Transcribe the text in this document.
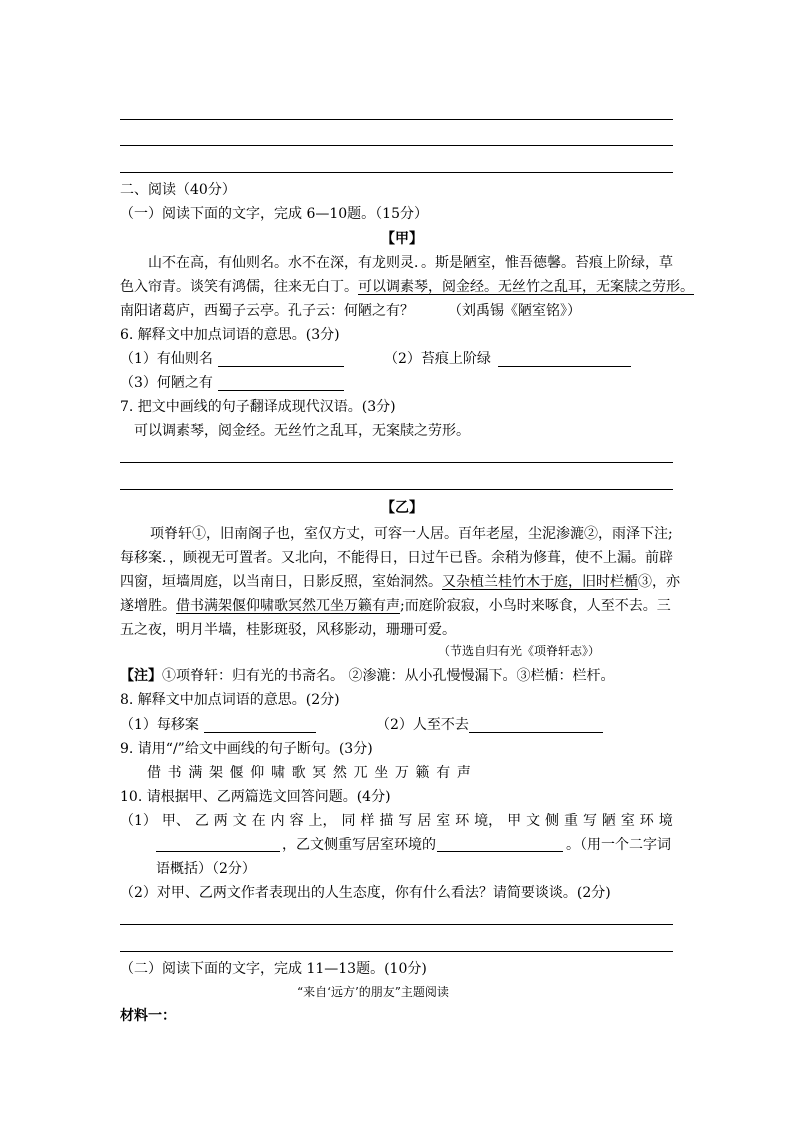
二、阅读（40分）
（一）阅读下面的文字，完成 6—10题。（15分）
【甲】
山不在高，有仙则名。水不在深，有龙则灵．。斯是陋室，惟吾德馨。苔痕上阶绿，草
色入帘青。谈笑有鸿儒，往来无白丁。可以调素琴，阅金经。无丝竹之乱耳，无案牍之劳形。
南阳诸葛庐，西蜀子云亭。孔子云：何陋之有？ （刘禹锡《陋室铭》）
6. 解释文中加点词语的意思。(3分)
（1）有仙则名	（2）苔痕上阶绿
（3）何陋之有
7. 把文中画线的句子翻译成现代汉语。(3分)
可以调素琴，阅金经。无丝竹之乱耳，无案牍之劳形。
【乙】
项脊轩①，旧南阁子也，室仅方丈，可容一人居。百年老屋，尘泥渗漉②，雨泽下注;
每移案．，顾视无可置者。又北向，不能得日，日过午已昏。余稍为修葺，使不上漏。前辟
四窗，垣墙周庭，以当南日，日影反照，室始洞然。又杂植兰桂竹木于庭，旧时栏楯③，亦
遂增胜。借书满架偃仰啸歌冥然兀坐万籁有声;而庭阶寂寂，小鸟时来啄食，人至不去。三
五之夜，明月半墙，桂影斑驳，风移影动，珊珊可爱。
（节选自归有光《项脊轩志》）
【注】①项脊轩：归有光的书斋名。 ②渗漉：从小孔慢慢漏下。③栏楯：栏杆。
8. 解释文中加点词语的意思。(2分)
（1）每移案	（2）人至不去
9. 请用“/”给文中画线的句子断句。(3分)
借 书 满 架 偃 仰 啸 歌 冥 然 兀 坐 万 籁 有 声
10. 请根据甲、乙两篇选文回答问题。(4分)
（1） 甲、 乙 两 文 在 内 容 上， 同 样 描 写 居 室 环 境， 甲 文 侧 重 写 陋 室 环 境
，乙文侧重写居室环境的	。（用一个二字词
语概括）（2分）
（2）对甲、乙两文作者表现出的人生态度，你有什么看法？请简要谈谈。(2分)
（二）阅读下面的文字，完成 11—13题。(10分)
“来自‘远方’的朋友”主题阅读
材料一：
